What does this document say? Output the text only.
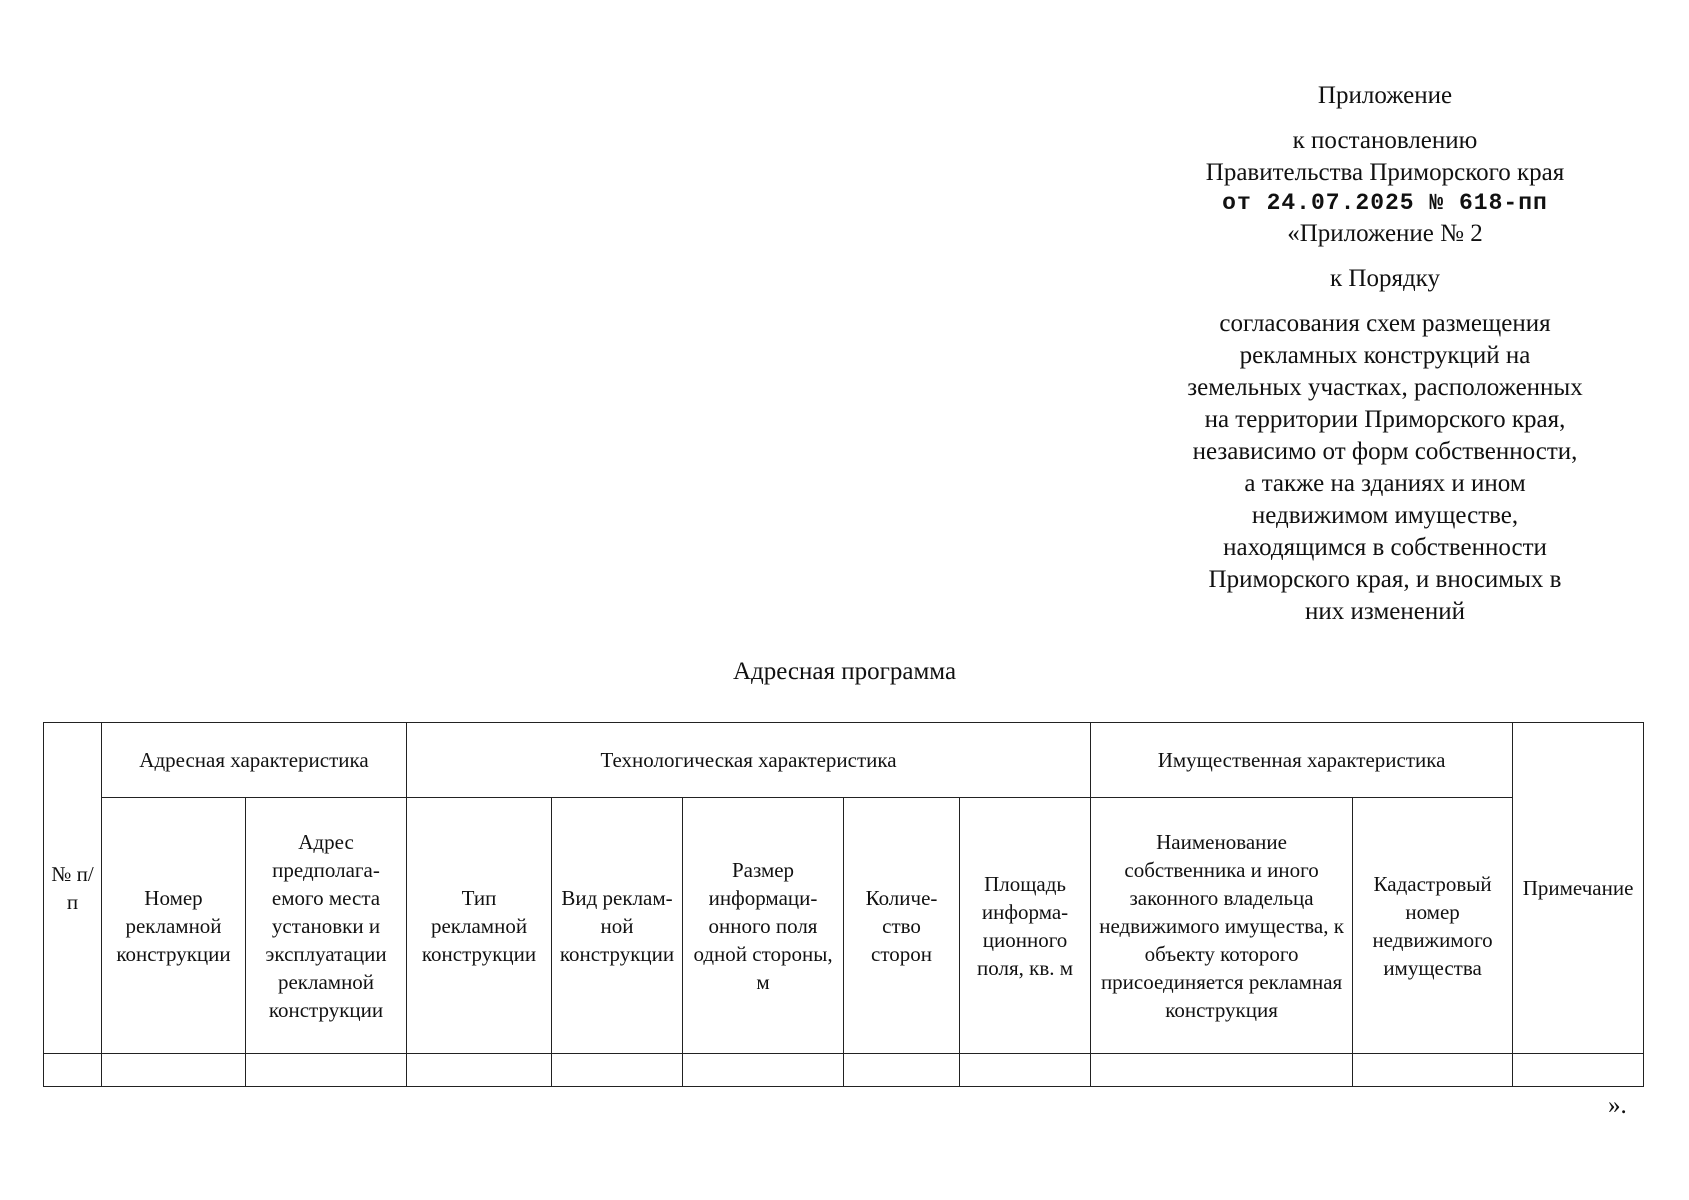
Приложение
к постановлению
Правительства Приморского края
от 24.07.2025 № 618-пп
«Приложение № 2
к Порядку
согласования схем размещения
рекламных конструкций на
земельных участках, расположенных
на территории Приморского края,
независимо от форм собственности,
а также на зданиях и ином
недвижимом имуществе,
находящимся в собственности
Приморского края, и вносимых в
них изменений
Адресная программа
№ п/п	Адресная характеристика		Технологическая характеристика					Имущественная характеристика		Примечание
	Номер рекламной конструкции	Адрес предполагаемого места установки и эксплуатации рекламной конструкции	Тип рекламной конструкции	Вид рекламной конструкции	Размер информационного поля одной стороны, м	Количество сторон	Площадь информационного поля, кв. м	Наименование собственника и иного законного владельца недвижимого имущества, к объекту которого присоединяется рекламная конструкция	Кадастровый номер недвижимого имущества	

».
